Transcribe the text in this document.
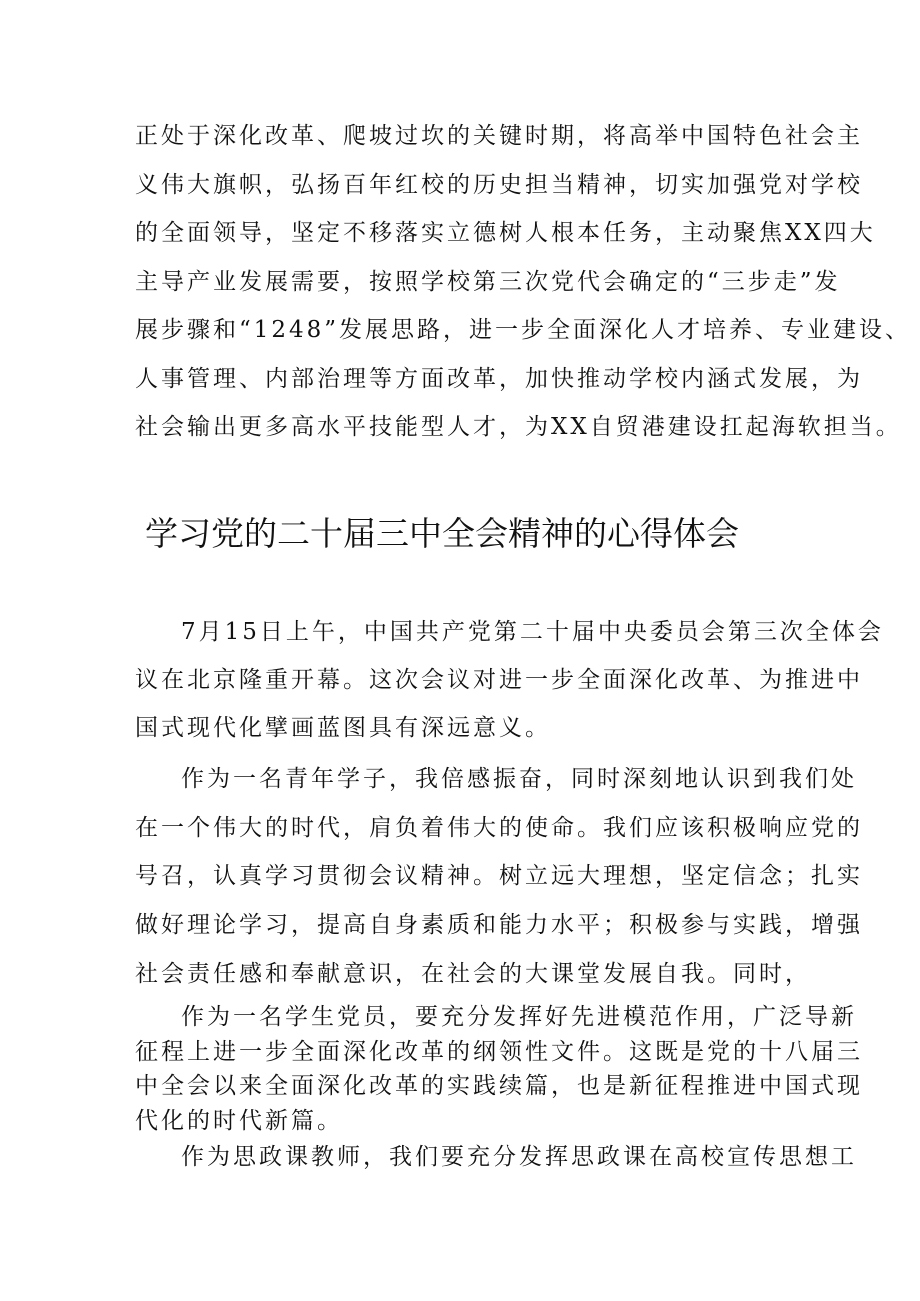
正处于深化改革、爬坡过坎的关键时期，将高举中国特色社会主
义伟大旗帜，弘扬百年红校的历史担当精神，切实加强党对学校
的全面领导，坚定不移落实立德树人根本任务，主动聚焦XX四大
主导产业发展需要，按照学校第三次党代会确定的“三步走”发
展步骤和“1248”发展思路，进一步全面深化人才培养、专业建设、
人事管理、内部治理等方面改革，加快推动学校内涵式发展，为
社会输出更多高水平技能型人才，为XX自贸港建设扛起海软担当。
学习党的二十届三中全会精神的心得体会
7月15日上午，中国共产党第二十届中央委员会第三次全体会
议在北京隆重开幕。这次会议对进一步全面深化改革、为推进中
国式现代化擘画蓝图具有深远意义。
作为一名青年学子，我倍感振奋，同时深刻地认识到我们处
在一个伟大的时代，肩负着伟大的使命。我们应该积极响应党的
号召，认真学习贯彻会议精神。树立远大理想，坚定信念；扎实
做好理论学习，提高自身素质和能力水平；积极参与实践，增强
社会责任感和奉献意识，在社会的大课堂发展自我。同时，
作为一名学生党员，要充分发挥好先进模范作用，广泛导新
征程上进一步全面深化改革的纲领性文件。这既是党的十八届三
中全会以来全面深化改革的实践续篇，也是新征程推进中国式现
代化的时代新篇。
作为思政课教师，我们要充分发挥思政课在高校宣传思想工
